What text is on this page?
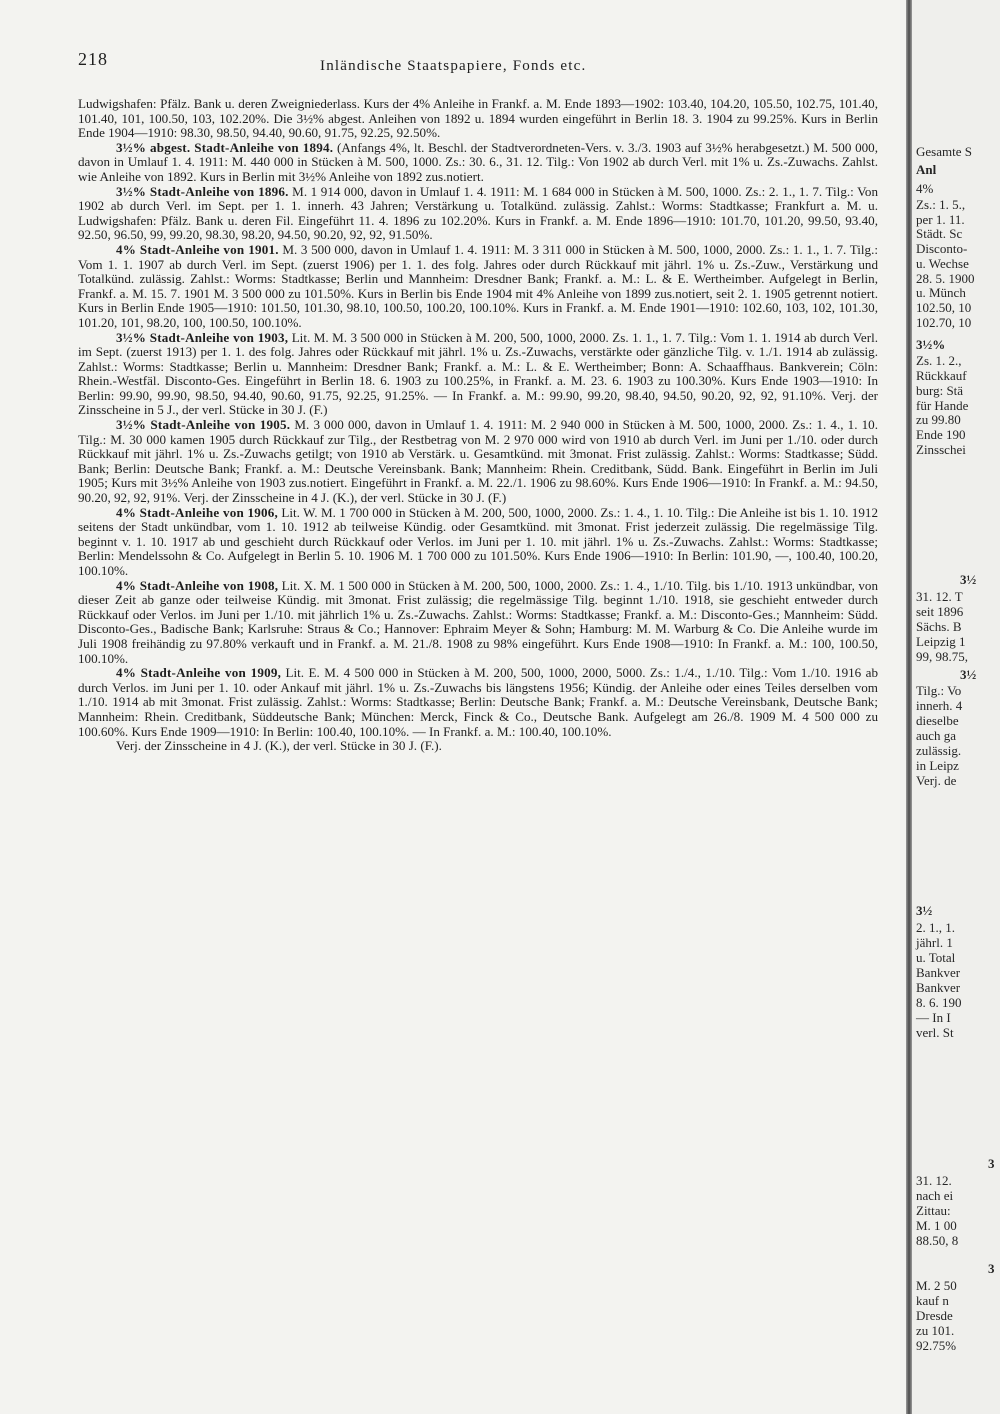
218	Inländische Staatspapiere, Fonds etc.

Ludwigshafen: Pfälz. Bank u. deren Zweigniederlass. Kurs der 4% Anleihe in Frankf. a. M. Ende 1893—1902: 103.40, 104.20, 105.50, 102.75, 101.40, 101.40, 101, 100.50, 103, 102.20%. Die 3½% abgest. Anleihen von 1892 u. 1894 wurden eingeführt in Berlin 18. 3. 1904 zu 99.25%. Kurs in Berlin Ende 1904—1910: 98.30, 98.50, 94.40, 90.60, 91.75, 92.25, 92.50%.

3½% abgest. Stadt-Anleihe von 1894. (Anfangs 4%, lt. Beschl. der Stadtverordneten-Vers. v. 3./3. 1903 auf 3½% herabgesetzt.) M. 500 000, davon in Umlauf 1. 4. 1911: M. 440 000 in Stücken à M. 500, 1000. Zs.: 30. 6., 31. 12. Tilg.: Von 1902 ab durch Verl. mit 1% u. Zs.-Zuwachs. Zahlst. wie Anleihe von 1892. Kurs in Berlin mit 3½% Anleihe von 1892 zus.notiert.

3½% Stadt-Anleihe von 1896. M. 1 914 000, davon in Umlauf 1. 4. 1911: M. 1 684 000 in Stücken à M. 500, 1000. Zs.: 2. 1., 1. 7. Tilg.: Von 1902 ab durch Verl. im Sept. per 1. 1. innerh. 43 Jahren; Verstärkung u. Totalkünd. zulässig. Zahlst.: Worms: Stadtkasse; Frankfurt a. M. u. Ludwigshafen: Pfälz. Bank u. deren Fil. Eingeführt 11. 4. 1896 zu 102.20%. Kurs in Frankf. a. M. Ende 1896—1910: 101.70, 101.20, 99.50, 93.40, 92.50, 96.50, 99, 99.20, 98.30, 98.20, 94.50, 90.20, 92, 92, 91.50%.

4% Stadt-Anleihe von 1901. M. 3 500 000, davon in Umlauf 1. 4. 1911: M. 3 311 000 in Stücken à M. 500, 1000, 2000. Zs.: 1. 1., 1. 7. Tilg.: Vom 1. 1. 1907 ab durch Verl. im Sept. (zuerst 1906) per 1. 1. des folg. Jahres oder durch Rückkauf mit jährl. 1% u. Zs.-Zuw., Verstärkung und Totalkünd. zulässig. Zahlst.: Worms: Stadtkasse; Berlin und Mannheim: Dresdner Bank; Frankf. a. M.: L. & E. Wertheimber. Aufgelegt in Berlin, Frankf. a. M. 15. 7. 1901 M. 3 500 000 zu 101.50%. Kurs in Berlin bis Ende 1904 mit 4% Anleihe von 1899 zus.notiert, seit 2. 1. 1905 getrennt notiert. Kurs in Berlin Ende 1905—1910: 101.50, 101.30, 98.10, 100.50, 100.20, 100.10%. Kurs in Frankf. a. M. Ende 1901—1910: 102.60, 103, 102, 101.30, 101.20, 101, 98.20, 100, 100.50, 100.10%.

3½% Stadt-Anleihe von 1903, Lit. M. M. 3 500 000 in Stücken à M. 200, 500, 1000, 2000. Zs. 1. 1., 1. 7. Tilg.: Vom 1. 1. 1914 ab durch Verl. im Sept. (zuerst 1913) per 1. 1. des folg. Jahres oder Rückkauf mit jährl. 1% u. Zs.-Zuwachs, verstärkte oder gänzliche Tilg. v. 1./1. 1914 ab zulässig. Zahlst.: Worms: Stadtkasse; Berlin u. Mannheim: Dresdner Bank; Frankf. a. M.: L. & E. Wertheimber; Bonn: A. Schaaffhaus. Bankverein; Cöln: Rhein.-Westfäl. Disconto-Ges. Eingeführt in Berlin 18. 6. 1903 zu 100.25%, in Frankf. a. M. 23. 6. 1903 zu 100.30%. Kurs Ende 1903—1910: In Berlin: 99.90, 99.90, 98.50, 94.40, 90.60, 91.75, 92.25, 91.25%. — In Frankf. a. M.: 99.90, 99.20, 98.40, 94.50, 90.20, 92, 92, 91.10%. Verj. der Zinsscheine in 5 J., der verl. Stücke in 30 J. (F.)

3½% Stadt-Anleihe von 1905. M. 3 000 000, davon in Umlauf 1. 4. 1911: M. 2 940 000 in Stücken à M. 500, 1000, 2000. Zs.: 1. 4., 1. 10. Tilg.: M. 30 000 kamen 1905 durch Rückkauf zur Tilg., der Restbetrag von M. 2 970 000 wird von 1910 ab durch Verl. im Juni per 1./10. oder durch Rückkauf mit jährl. 1% u. Zs.-Zuwachs getilgt; von 1910 ab Verstärk. u. Gesamtkünd. mit 3monat. Frist zulässig. Zahlst.: Worms: Stadtkasse; Südd. Bank; Berlin: Deutsche Bank; Frankf. a. M.: Deutsche Vereinsbank. Bank; Mannheim: Rhein. Creditbank, Südd. Bank. Eingeführt in Berlin im Juli 1905; Kurs mit 3½% Anleihe von 1903 zus.notiert. Eingeführt in Frankf. a. M. 22./1. 1906 zu 98.60%. Kurs Ende 1906—1910: In Frankf. a. M.: 94.50, 90.20, 92, 92, 91%. Verj. der Zinsscheine in 4 J. (K.), der verl. Stücke in 30 J. (F.)

4% Stadt-Anleihe von 1906, Lit. W. M. 1 700 000 in Stücken à M. 200, 500, 1000, 2000. Zs.: 1. 4., 1. 10. Tilg.: Die Anleihe ist bis 1. 10. 1912 seitens der Stadt unkündbar, vom 1. 10. 1912 ab teilweise Kündig. oder Gesamtkünd. mit 3monat. Frist jederzeit zulässig. Die regelmässige Tilg. beginnt v. 1. 10. 1917 ab und geschieht durch Rückkauf oder Verlos. im Juni per 1. 10. mit jährl. 1% u. Zs.-Zuwachs. Zahlst.: Worms: Stadtkasse; Berlin: Mendelssohn & Co. Aufgelegt in Berlin 5. 10. 1906 M. 1 700 000 zu 101.50%. Kurs Ende 1906—1910: In Berlin: 101.90, —, 100.40, 100.20, 100.10%.

4% Stadt-Anleihe von 1908, Lit. X. M. 1 500 000 in Stücken à M. 200, 500, 1000, 2000. Zs.: 1. 4., 1./10. Tilg. bis 1./10. 1913 unkündbar, von dieser Zeit ab ganze oder teilweise Kündig. mit 3monat. Frist zulässig; die regelmässige Tilg. beginnt 1./10. 1918, sie geschieht entweder durch Rückkauf oder Verlos. im Juni per 1./10. mit jährlich 1% u. Zs.-Zuwachs. Zahlst.: Worms: Stadtkasse; Frankf. a. M.: Disconto-Ges.; Mannheim: Südd. Disconto-Ges., Badische Bank; Karlsruhe: Straus & Co.; Hannover: Ephraim Meyer & Sohn; Hamburg: M. M. Warburg & Co. Die Anleihe wurde im Juli 1908 freihändig zu 97.80% verkauft und in Frankf. a. M. 21./8. 1908 zu 98% eingeführt. Kurs Ende 1908—1910: In Frankf. a. M.: 100, 100.50, 100.10%.

4% Stadt-Anleihe von 1909, Lit. E. M. 4 500 000 in Stücken à M. 200, 500, 1000, 2000, 5000. Zs.: 1./4., 1./10. Tilg.: Vom 1./10. 1916 ab durch Verlos. im Juni per 1. 10. oder Ankauf mit jährl. 1% u. Zs.-Zuwachs bis längstens 1956; Kündig. der Anleihe oder eines Teiles derselben vom 1./10. 1914 ab mit 3monat. Frist zulässig. Zahlst.: Worms: Stadtkasse; Berlin: Deutsche Bank; Frankf. a. M.: Deutsche Vereinsbank, Deutsche Bank; Mannheim: Rhein. Creditbank, Süddeutsche Bank; München: Merck, Finck & Co., Deutsche Bank. Aufgelegt am 26./8. 1909 M. 4 500 000 zu 100.60%. Kurs Ende 1909—1910: In Berlin: 100.40, 100.10%. — In Frankf. a. M.: 100.40, 100.10%.

Verj. der Zinsscheine in 4 J. (K.), der verl. Stücke in 30 J. (F.).

Gesamte S
Anl
4%
Zs.: 1. 5.,
per 1. 11.
Städt. Sc
Disconto-
u. Wechse
28. 5. 1900
u. Münch
102.50, 10
102.70, 10
3½%
Zs. 1. 2.,
Rückkauf
burg: Stä
für Hande
zu 99.80
Ende 190
Zinsschei
3½
31. 12. T
seit 1896
Sächs. B
Leipzig 1
99, 98.75,
3½
Tilg.: Vo
innerh. 4
dieselbe
auch ga
zulässig.
in Leipz
Verj. de
3½
2. 1., 1.
jährl. 1
u. Total
Bankver
Bankver
8. 6. 190
— In I
verl. St
3
31. 12.
nach ei
Zittau:
M. 1 00
88.50, 8
3
M. 2 50
kauf n
Dresde
zu 101.
92.75%
